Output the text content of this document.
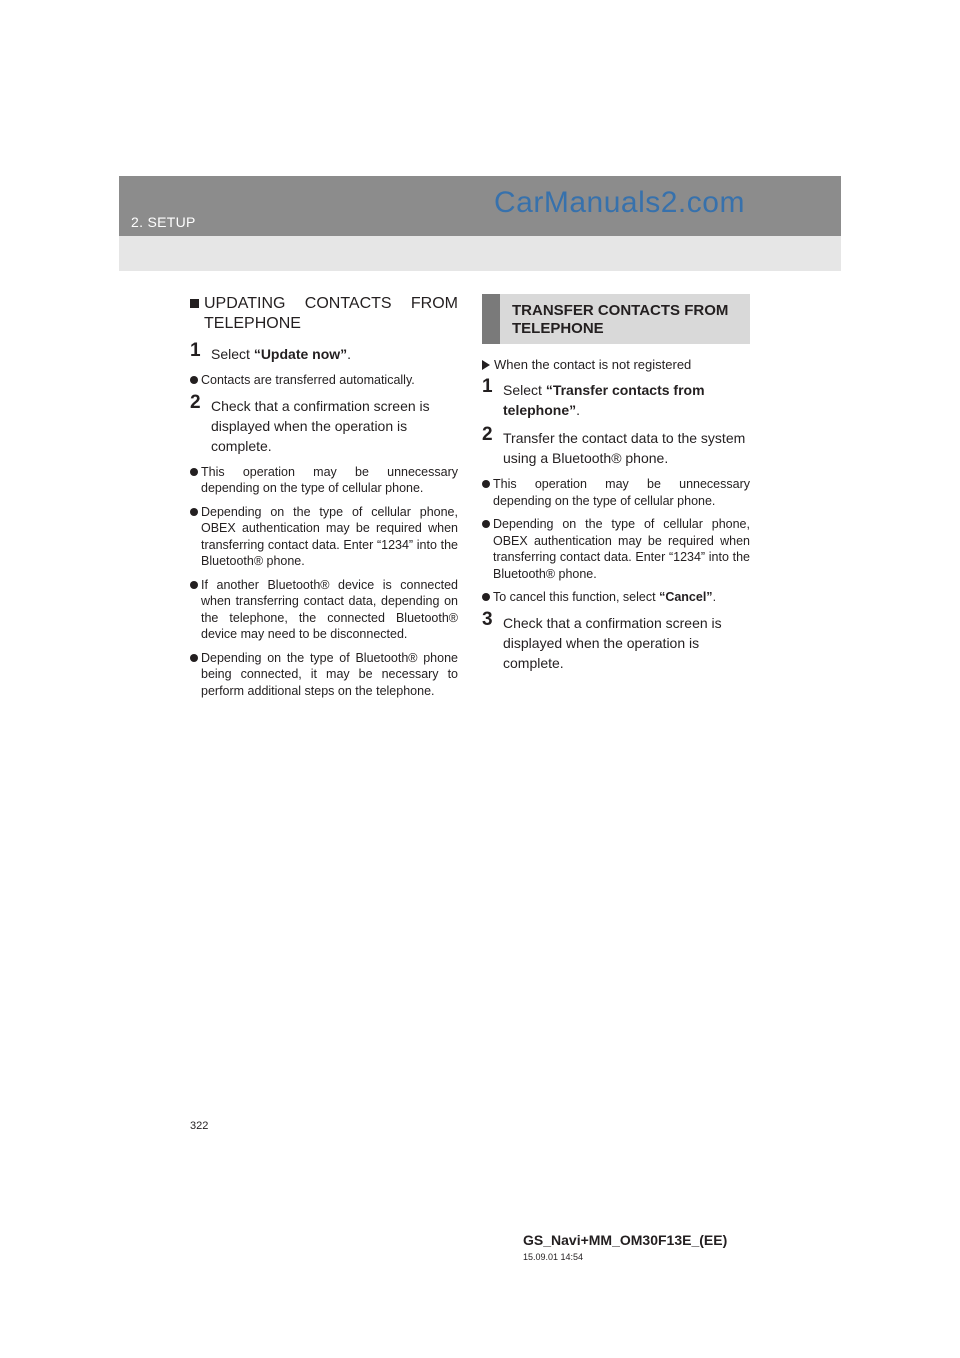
2. SETUP
CarManuals2.com
UPDATING CONTACTS FROM TELEPHONE
1 Select “Update now”.
Contacts are transferred automatically.
2 Check that a confirmation screen is displayed when the operation is complete.
This operation may be unnecessary depending on the type of cellular phone.
Depending on the type of cellular phone, OBEX authentication may be required when transferring contact data. Enter “1234” into the Bluetooth® phone.
If another Bluetooth® device is connected when transferring contact data, depending on the telephone, the connected Bluetooth® device may need to be disconnected.
Depending on the type of Bluetooth® phone being connected, it may be necessary to perform additional steps on the telephone.
TRANSFER CONTACTS FROM TELEPHONE
When the contact is not registered
1 Select “Transfer contacts from telephone”.
2 Transfer the contact data to the system using a Bluetooth® phone.
This operation may be unnecessary depending on the type of cellular phone.
Depending on the type of cellular phone, OBEX authentication may be required when transferring contact data. Enter “1234” into the Bluetooth® phone.
To cancel this function, select “Cancel”.
3 Check that a confirmation screen is displayed when the operation is complete.
322
GS_Navi+MM_OM30F13E_(EE)
15.09.01 14:54
